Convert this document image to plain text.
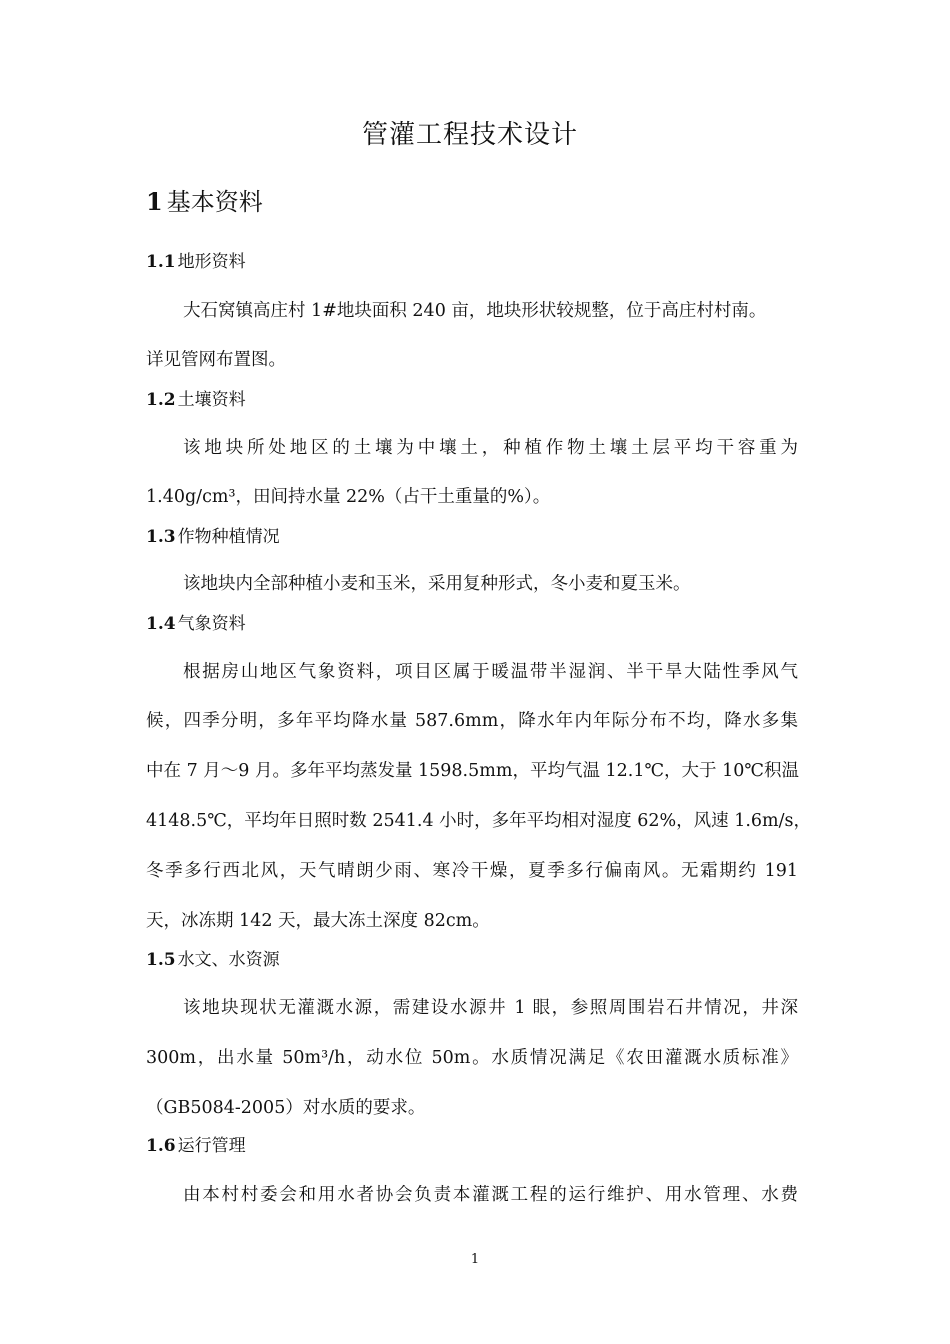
管灌工程技术设计
1 基本资料
1.1 地形资料
大石窝镇高庄村 1#地块面积 240 亩，地块形状较规整，位于高庄村村南。
详见管网布置图。
1.2 土壤资料
该地块所处地区的土壤为中壤土，种植作物土壤土层平均干容重为
1.40g/cm³，田间持水量 22%（占干土重量的%）。
1.3 作物种植情况
该地块内全部种植小麦和玉米，采用复种形式，冬小麦和夏玉米。
1.4 气象资料
根据房山地区气象资料，项目区属于暖温带半湿润、半干旱大陆性季风气
候，四季分明，多年平均降水量 587.6mm，降水年内年际分布不均，降水多集
中在 7 月～9 月。多年平均蒸发量 1598.5mm，平均气温 12.1℃，大于 10℃积温
4148.5℃，平均年日照时数 2541.4 小时，多年平均相对湿度 62%，风速 1.6m/s，
冬季多行西北风，天气晴朗少雨、寒冷干燥，夏季多行偏南风。无霜期约 191
天，冰冻期 142 天，最大冻土深度 82cm。
1.5 水文、水资源
该地块现状无灌溉水源，需建设水源井 1 眼，参照周围岩石井情况，井深
300m，出水量 50m³/h，动水位 50m。水质情况满足《农田灌溉水质标准》
（GB5084-2005）对水质的要求。
1.6 运行管理
由本村村委会和用水者协会负责本灌溉工程的运行维护、用水管理、水费
1
